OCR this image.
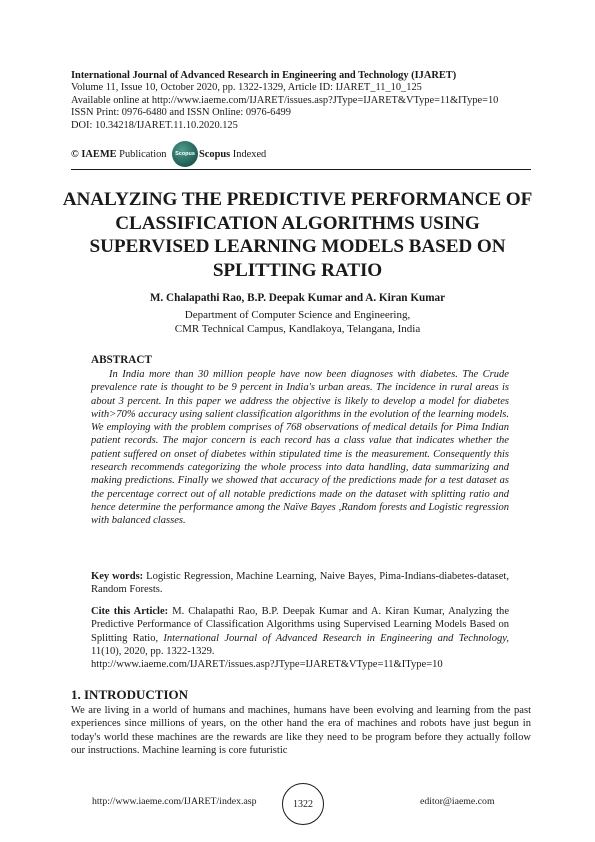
International Journal of Advanced Research in Engineering and Technology (IJARET)
Volume 11, Issue 10, October 2020, pp. 1322-1329, Article ID: IJARET_11_10_125
Available online at http://www.iaeme.com/IJARET/issues.asp?JType=IJARET&VType=11&IType=10
ISSN Print: 0976-6480 and ISSN Online: 0976-6499
DOI: 10.34218/IJARET.11.10.2020.125
© IAEME Publication Scopus Scopus Indexed
ANALYZING THE PREDICTIVE PERFORMANCE OF CLASSIFICATION ALGORITHMS USING SUPERVISED LEARNING MODELS BASED ON SPLITTING RATIO
M. Chalapathi Rao, B.P. Deepak Kumar and A. Kiran Kumar
Department of Computer Science and Engineering,
CMR Technical Campus, Kandlakoya, Telangana, India
ABSTRACT
In India more than 30 million people have now been diagnoses with diabetes. The Crude prevalence rate is thought to be 9 percent in India's urban areas. The incidence in rural areas is about 3 percent. In this paper we address the objective is likely to develop a model for diabetes with>70% accuracy using salient classification algorithms in the evolution of the learning models. We employing with the problem comprises of 768 observations of medical details for Pima Indian patient records. The major concern is each record has a class value that indicates whether the patient suffered on onset of diabetes within stipulated time is the measurement. Consequently this research recommends categorizing the whole process into data handling, data summarizing and making predictions. Finally we showed that accuracy of the predictions made for a test dataset as the percentage correct out of all notable predictions made on the dataset with splitting ratio and hence determine the performance among the Naïve Bayes ,Random forests and Logistic regression with balanced classes.
Key words: Logistic Regression, Machine Learning, Naive Bayes, Pima-Indians-diabetes-dataset, Random Forests.
Cite this Article: M. Chalapathi Rao, B.P. Deepak Kumar and A. Kiran Kumar, Analyzing the Predictive Performance of Classification Algorithms using Supervised Learning Models Based on Splitting Ratio, International Journal of Advanced Research in Engineering and Technology, 11(10), 2020, pp. 1322-1329.
http://www.iaeme.com/IJARET/issues.asp?JType=IJARET&VType=11&IType=10
1. INTRODUCTION
We are living in a world of humans and machines, humans have been evolving and learning from the past experiences since millions of years, on the other hand the era of machines and robots have just begun in today's world these machines are the rewards are like they need to be program before they actually follow our instructions. Machine learning is core futuristic
http://www.iaeme.com/IJARET/index.asp	1322	editor@iaeme.com
